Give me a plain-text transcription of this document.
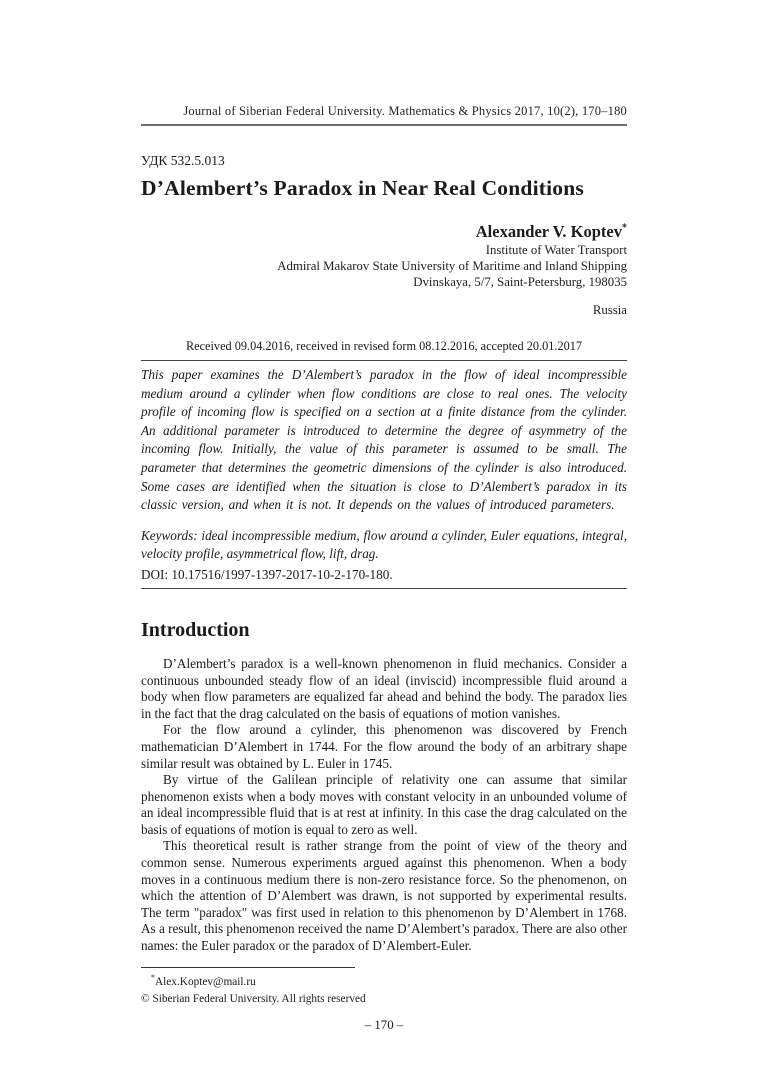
Journal of Siberian Federal University. Mathematics & Physics 2017, 10(2), 170–180
УДК 532.5.013
D’Alembert’s Paradox in Near Real Conditions
Alexander V. Koptev*
Institute of Water Transport
Admiral Makarov State University of Maritime and Inland Shipping
Dvinskaya, 5/7, Saint-Petersburg, 198035
Russia
Received 09.04.2016, received in revised form 08.12.2016, accepted 20.01.2017
This paper examines the D’Alembert’s paradox in the flow of ideal incompressible medium around a cylinder when flow conditions are close to real ones. The velocity profile of incoming flow is specified on a section at a finite distance from the cylinder. An additional parameter is introduced to determine the degree of asymmetry of the incoming flow. Initially, the value of this parameter is assumed to be small. The parameter that determines the geometric dimensions of the cylinder is also introduced. Some cases are identified when the situation is close to D’Alembert’s paradox in its classic version, and when it is not. It depends on the values of introduced parameters.
Keywords: ideal incompressible medium, flow around a cylinder, Euler equations, integral, velocity profile, asymmetrical flow, lift, drag.
DOI: 10.17516/1997-1397-2017-10-2-170-180.
Introduction

D’Alembert’s paradox is a well-known phenomenon in fluid mechanics. Consider a continuous unbounded steady flow of an ideal (inviscid) incompressible fluid around a body when flow parameters are equalized far ahead and behind the body. The paradox lies in the fact that the drag calculated on the basis of equations of motion vanishes.

For the flow around a cylinder, this phenomenon was discovered by French mathematician D’Alembert in 1744. For the flow around the body of an arbitrary shape similar result was obtained by L. Euler in 1745.

By virtue of the Galilean principle of relativity one can assume that similar phenomenon exists when a body moves with constant velocity in an unbounded volume of an ideal incompressible fluid that is at rest at infinity. In this case the drag calculated on the basis of equations of motion is equal to zero as well.

This theoretical result is rather strange from the point of view of the theory and common sense. Numerous experiments argued against this phenomenon. When a body moves in a continuous medium there is non-zero resistance force. So the phenomenon, on which the attention of D’Alembert was drawn, is not supported by experimental results. The term "paradox" was first used in relation to this phenomenon by D’Alembert in 1768. As a result, this phenomenon received the name D’Alembert’s paradox. There are also other names: the Euler paradox or the paradox of D’Alembert-Euler.

*Alex.Koptev@mail.ru
© Siberian Federal University. All rights reserved
– 170 –
